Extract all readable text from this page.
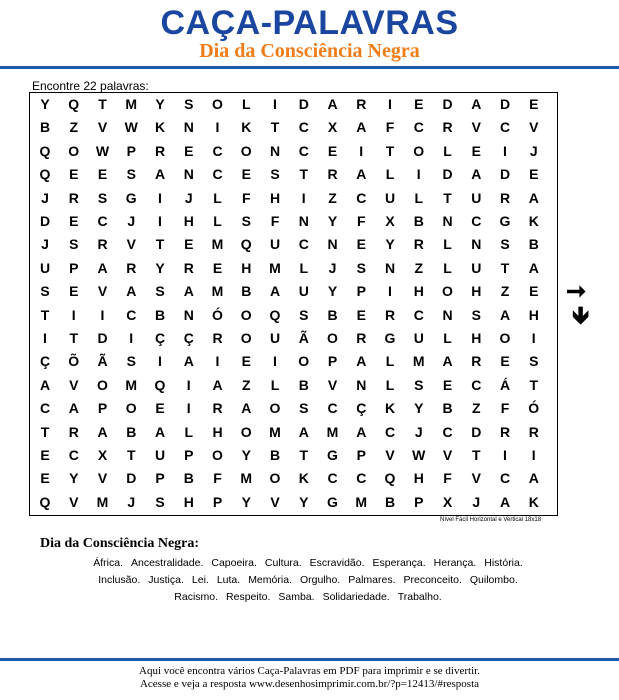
CAÇA-PALAVRAS
Dia da Consciência Negra
Encontre 22 palavras:
Y	Q	T	M	Y	S	O	L	I	D	A	R	I	E	D	A	D	E
B	Z	V	W	K	N	I	K	T	C	X	A	F	C	R	V	C	V
Q	O	W	P	R	E	C	O	N	C	E	I	T	O	L	E	I	J
Q	E	E	S	A	N	C	E	S	T	R	A	L	I	D	A	D	E
J	R	S	G	I	J	L	F	H	I	Z	C	U	L	T	U	R	A
D	E	C	J	I	H	L	S	F	N	Y	F	X	B	N	C	G	K
J	S	R	V	T	E	M	Q	U	C	N	E	Y	R	L	N	S	B
U	P	A	R	Y	R	E	H	M	L	J	S	N	Z	L	U	T	A
S	E	V	A	S	A	M	B	A	U	Y	P	I	H	O	H	Z	E
T	I	I	C	B	N	Ó	O	Q	S	B	E	R	C	N	S	A	H
I	T	D	I	Ç	Ç	R	O	U	Ã	O	R	G	U	L	H	O	I
Ç	Õ	Ã	S	I	A	I	E	I	O	P	A	L	M	A	R	E	S
A	V	O	M	Q	I	A	Z	L	B	V	N	L	S	E	C	Á	T
C	A	P	O	E	I	R	A	O	S	C	Ç	K	Y	B	Z	F	Ó
T	R	A	B	A	L	H	O	M	A	M	A	C	J	C	D	R	R
E	C	X	T	U	P	O	Y	B	T	G	P	V	W	V	T	I	I
E	Y	V	D	P	B	F	M	O	K	C	C	Q	H	F	V	C	A
Q	V	M	J	S	H	P	Y	V	Y	G	M	B	P	X	J	A	K
➞
🡻
Nível Fácil Horizontal e Vertical 18x18
Dia da Consciência Negra:
África. Ancestralidade. Capoeira. Cultura. Escravidão. Esperança. Herança. História.
Inclusão. Justiça. Lei. Luta. Memória. Orgulho. Palmares. Preconceito. Quilombo.
Racismo. Respeito. Samba. Solidariedade. Trabalho.
Aqui você encontra vários Caça-Palavras em PDF para imprimir e se divertir.
Acesse e veja a resposta www.desenhosimprimir.com.br/?p=12413/#resposta
